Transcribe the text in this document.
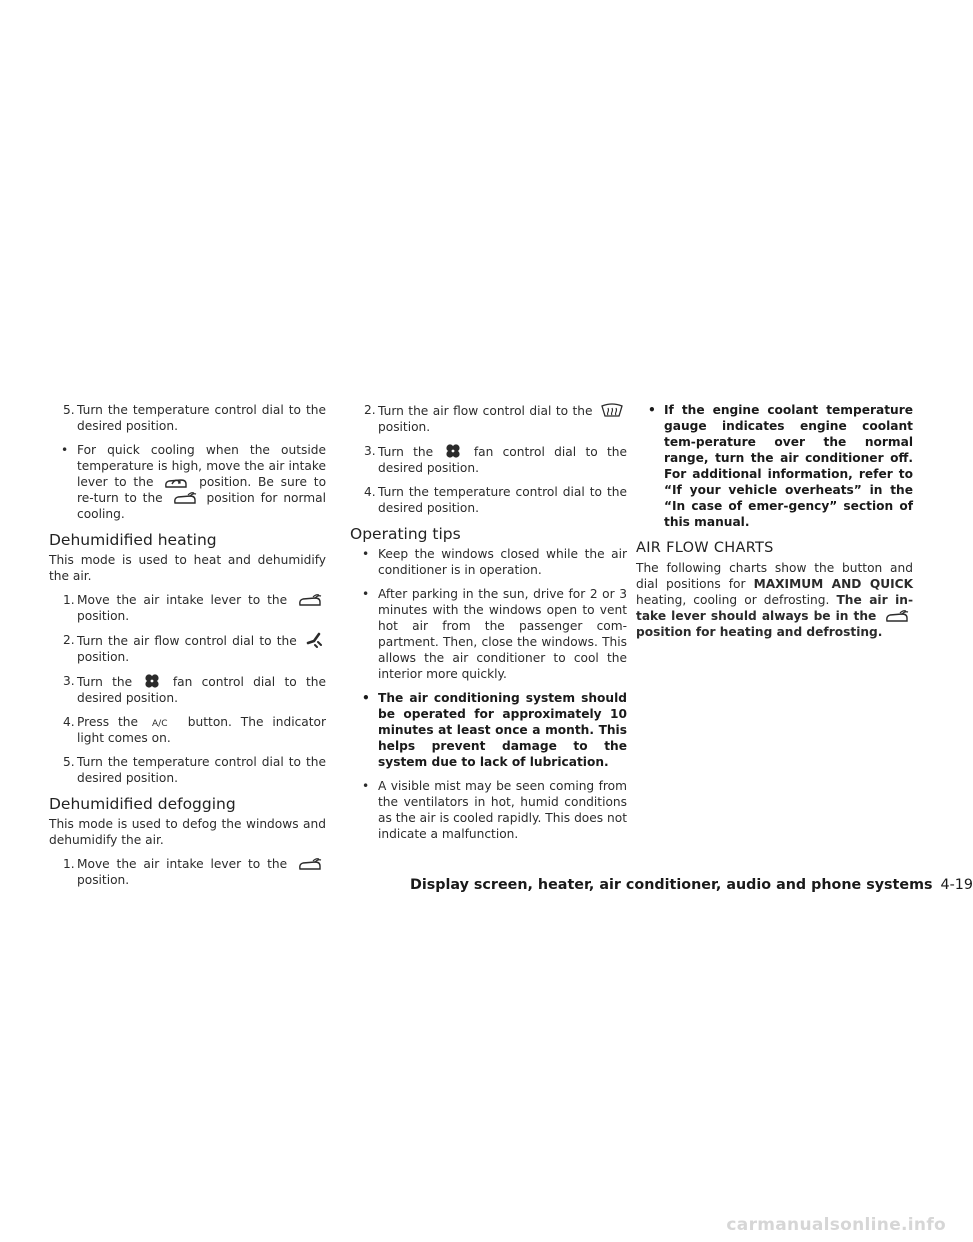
5. Turn the temperature control dial to the desired position.
• For quick cooling when the outside temperature is high, move the air intake lever to the	position. Be sure to re-turn to the	position for normal cooling.
Dehumidified heating
This mode is used to heat and dehumidify the air.
1. Move the air intake lever to the  position.
2. Turn the air flow control dial to the  position.
3. Turn the	fan control dial to the desired position.
4. Press the A/C button. The indicator light comes on.
5. Turn the temperature control dial to the desired position.
Dehumidified defogging
This mode is used to defog the windows and dehumidify the air.
1. Move the air intake lever to the  position.
2. Turn the air flow control dial to the  position.
3. Turn the	fan control dial to the desired position.
4. Turn the temperature control dial to the desired position.
Operating tips
• Keep the windows closed while the air conditioner is in operation.
• After parking in the sun, drive for 2 or 3 minutes with the windows open to vent hot air from the passenger com-partment. Then, close the windows. This allows the air conditioner to cool the interior more quickly.
• The air conditioning system should be operated for approximately 10 minutes at least once a month. This helps prevent damage to the system due to lack of lubrication.
• A visible mist may be seen coming from the ventilators in hot, humid conditions as the air is cooled rapidly. This does not indicate a malfunction.
• If the engine coolant temperature gauge indicates engine coolant tem-perature over the normal range, turn the air conditioner off. For additional information, refer to “If your vehicle overheats” in the “In case of emer-gency” section of this manual.
AIR FLOW CHARTS
The following charts show the button and dial positions for MAXIMUM AND QUICK heating, cooling or defrosting. The air in-take lever should always be in the  position for heating and defrosting.
Display screen, heater, air conditioner, audio and phone systems 4-19
carmanualsonline.info
